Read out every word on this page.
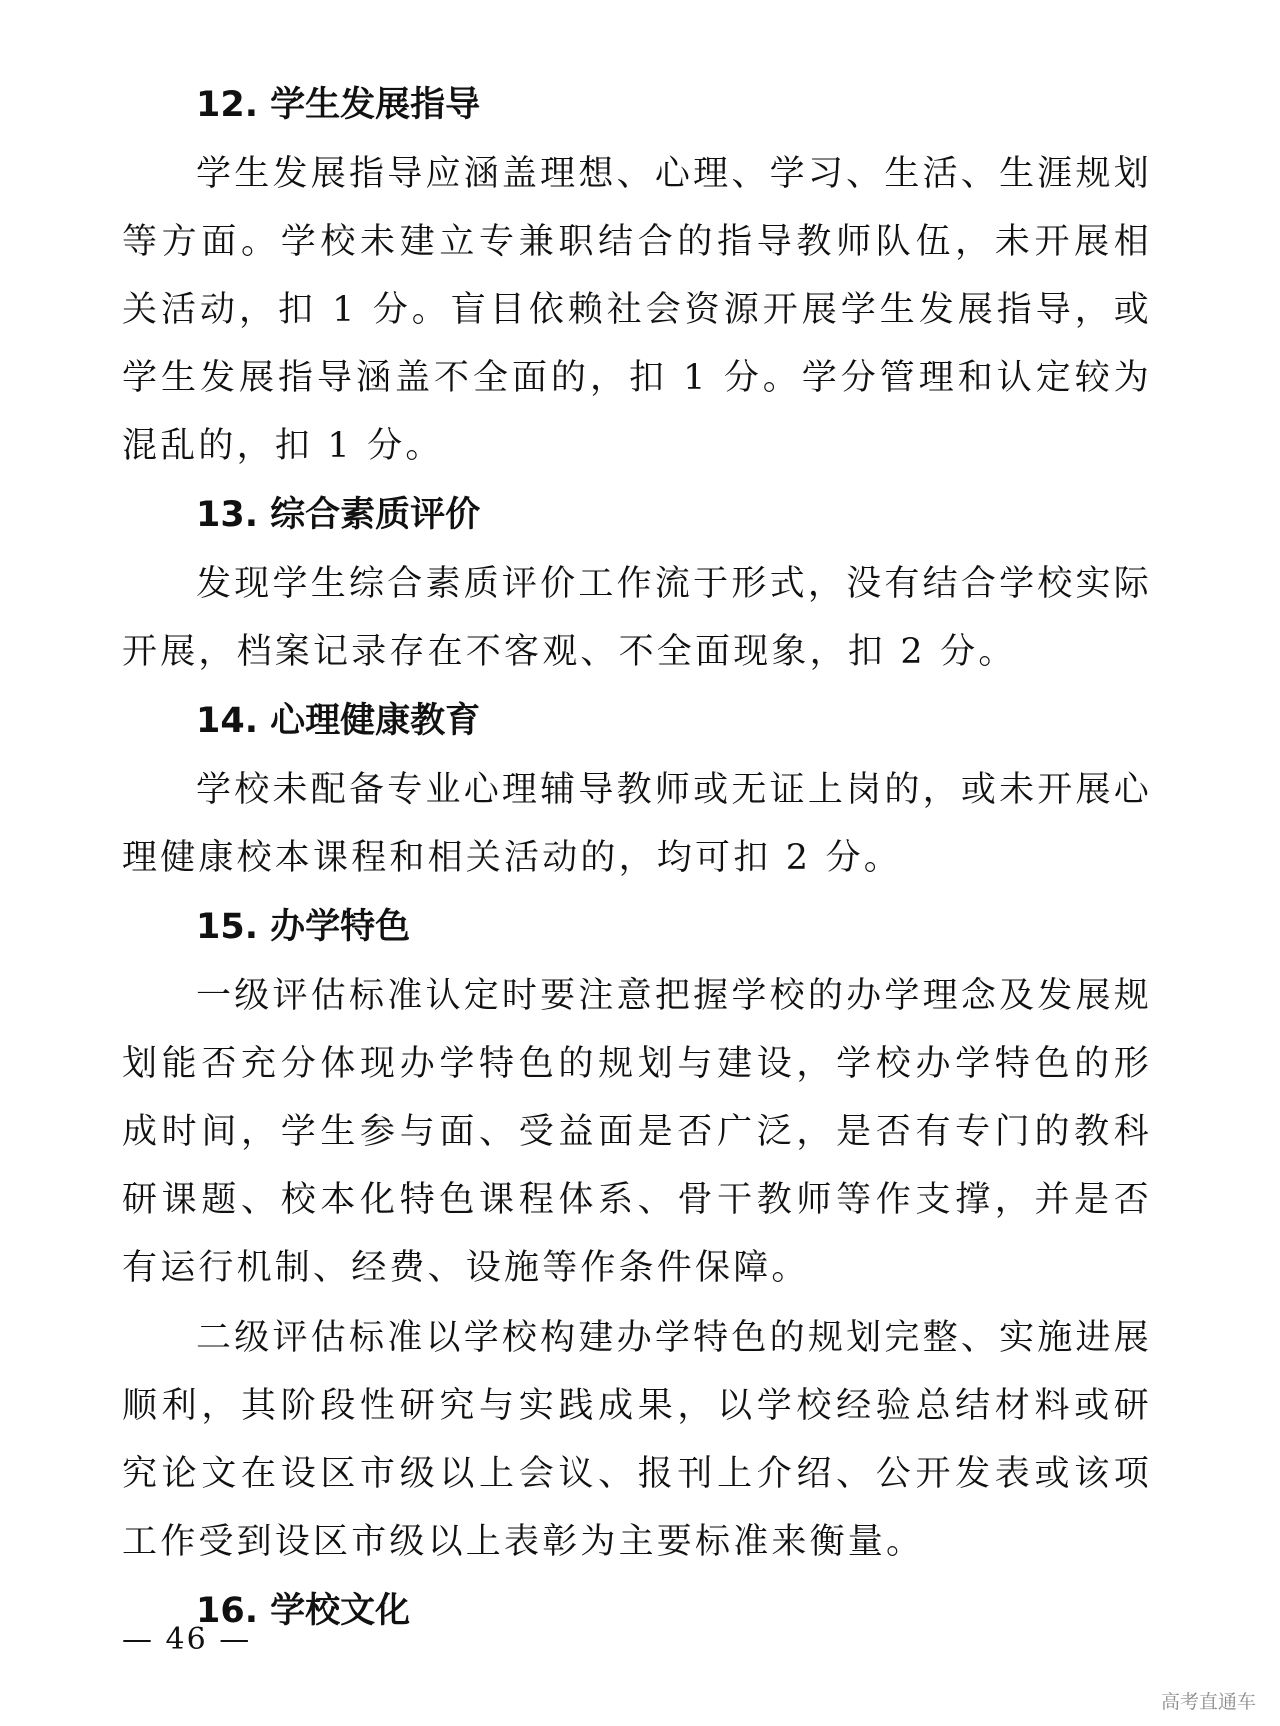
12. 学生发展指导

学生发展指导应涵盖理想、心理、学习、生活、生涯规划等方面。学校未建立专兼职结合的指导教师队伍，未开展相关活动，扣 1 分。盲目依赖社会资源开展学生发展指导，或学生发展指导涵盖不全面的，扣 1 分。学分管理和认定较为混乱的，扣 1 分。

13. 综合素质评价

发现学生综合素质评价工作流于形式，没有结合学校实际开展，档案记录存在不客观、不全面现象，扣 2 分。

14. 心理健康教育

学校未配备专业心理辅导教师或无证上岗的，或未开展心理健康校本课程和相关活动的，均可扣 2 分。

15. 办学特色

一级评估标准认定时要注意把握学校的办学理念及发展规划能否充分体现办学特色的规划与建设，学校办学特色的形成时间，学生参与面、受益面是否广泛，是否有专门的教科研课题、校本化特色课程体系、骨干教师等作支撑，并是否有运行机制、经费、设施等作条件保障。

二级评估标准以学校构建办学特色的规划完整、实施进展顺利，其阶段性研究与实践成果，以学校经验总结材料或研究论文在设区市级以上会议、报刊上介绍、公开发表或该项工作受到设区市级以上表彰为主要标准来衡量。

16. 学校文化
— 46 —
高考直通车
